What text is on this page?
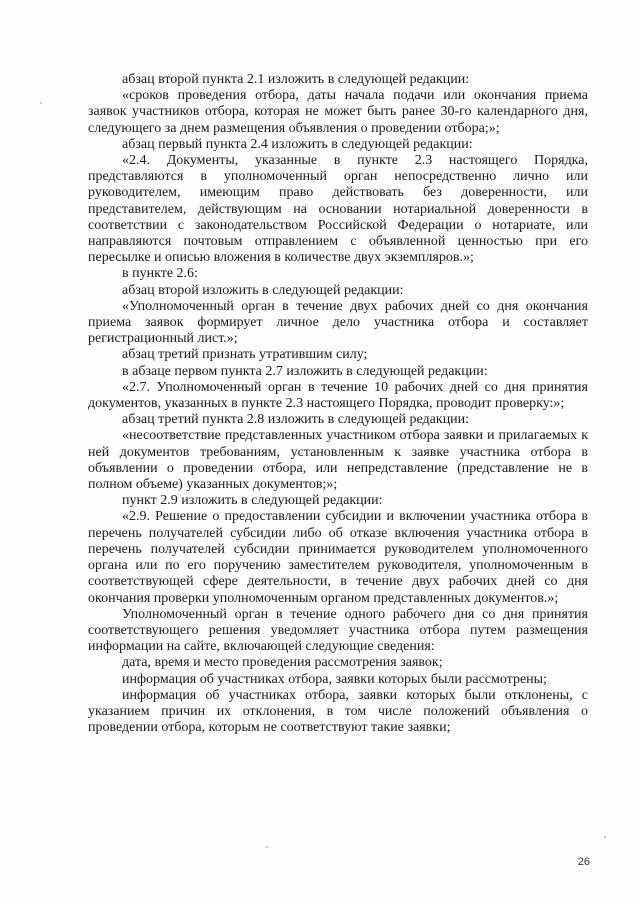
абзац второй пункта 2.1 изложить в следующей редакции:

«сроков проведения отбора, даты начала подачи или окончания приема заявок участников отбора, которая не может быть ранее 30-го календарного дня, следующего за днем размещения объявления о проведении отбора;»;

абзац первый пункта 2.4 изложить в следующей редакции:

«2.4. Документы, указанные в пункте 2.3 настоящего Порядка, представляются в уполномоченный орган непосредственно лично или руководителем, имеющим право действовать без доверенности, или представителем, действующим на основании нотариальной доверенности в соответствии с законодательством Российской Федерации о нотариате, или направляются почтовым отправлением с объявленной ценностью при его пересылке и описью вложения в количестве двух экземпляров.»;

в пункте 2.6:

абзац второй изложить в следующей редакции:

«Уполномоченный орган в течение двух рабочих дней со дня окончания приема заявок формирует личное дело участника отбора и составляет регистрационный лист.»;

абзац третий признать утратившим силу;

в абзаце первом пункта 2.7 изложить в следующей редакции:

«2.7. Уполномоченный орган в течение 10 рабочих дней со дня принятия документов, указанных в пункте 2.3 настоящего Порядка, проводит проверку:»;

абзац третий пункта 2.8 изложить в следующей редакции:

«несоответствие представленных участником отбора заявки и прилагаемых к ней документов требованиям, установленным к заявке участника отбора в объявлении о проведении отбора, или непредставление (представление не в полном объеме) указанных документов;»;

пункт 2.9 изложить в следующей редакции:

«2.9. Решение о предоставлении субсидии и включении участника отбора в перечень получателей субсидии либо об отказе включения участника отбора в перечень получателей субсидии принимается руководителем уполномоченного органа или по его поручению заместителем руководителя, уполномоченным в соответствующей сфере деятельности, в течение двух рабочих дней со дня окончания проверки уполномоченным органом представленных документов.»;

Уполномоченный орган в течение одного рабочего дня со дня принятия соответствующего решения уведомляет участника отбора путем размещения информации на сайте, включающей следующие сведения:

дата, время и место проведения рассмотрения заявок;

информация об участниках отбора, заявки которых были рассмотрены;

информация об участниках отбора, заявки которых были отклонены, с указанием причин их отклонения, в том числе положений объявления о проведении отбора, которым не соответствуют такие заявки;

26
